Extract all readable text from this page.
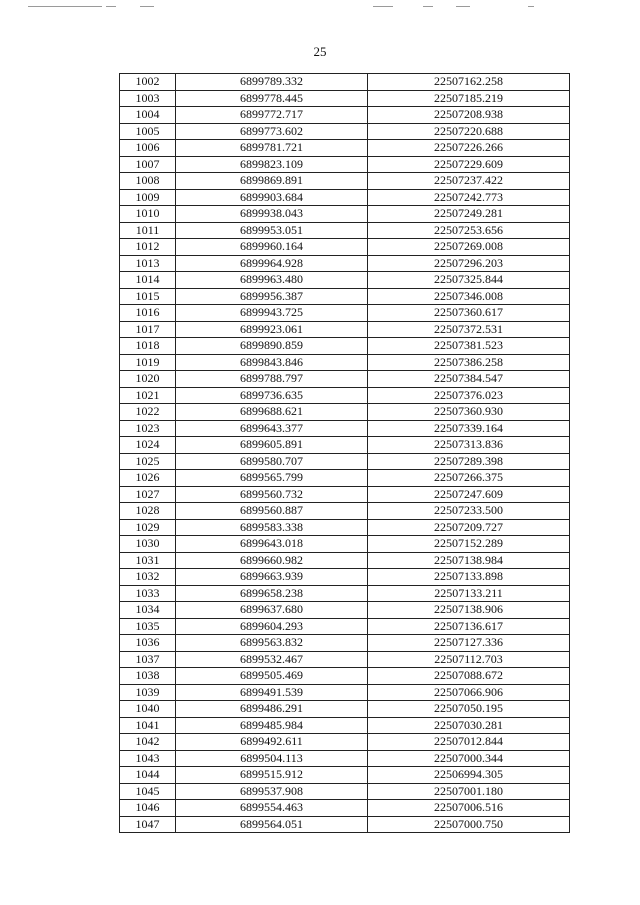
25
1002	6899789.332	22507162.258
1003	6899778.445	22507185.219
1004	6899772.717	22507208.938
1005	6899773.602	22507220.688
1006	6899781.721	22507226.266
1007	6899823.109	22507229.609
1008	6899869.891	22507237.422
1009	6899903.684	22507242.773
1010	6899938.043	22507249.281
1011	6899953.051	22507253.656
1012	6899960.164	22507269.008
1013	6899964.928	22507296.203
1014	6899963.480	22507325.844
1015	6899956.387	22507346.008
1016	6899943.725	22507360.617
1017	6899923.061	22507372.531
1018	6899890.859	22507381.523
1019	6899843.846	22507386.258
1020	6899788.797	22507384.547
1021	6899736.635	22507376.023
1022	6899688.621	22507360.930
1023	6899643.377	22507339.164
1024	6899605.891	22507313.836
1025	6899580.707	22507289.398
1026	6899565.799	22507266.375
1027	6899560.732	22507247.609
1028	6899560.887	22507233.500
1029	6899583.338	22507209.727
1030	6899643.018	22507152.289
1031	6899660.982	22507138.984
1032	6899663.939	22507133.898
1033	6899658.238	22507133.211
1034	6899637.680	22507138.906
1035	6899604.293	22507136.617
1036	6899563.832	22507127.336
1037	6899532.467	22507112.703
1038	6899505.469	22507088.672
1039	6899491.539	22507066.906
1040	6899486.291	22507050.195
1041	6899485.984	22507030.281
1042	6899492.611	22507012.844
1043	6899504.113	22507000.344
1044	6899515.912	22506994.305
1045	6899537.908	22507001.180
1046	6899554.463	22507006.516
1047	6899564.051	22507000.750
